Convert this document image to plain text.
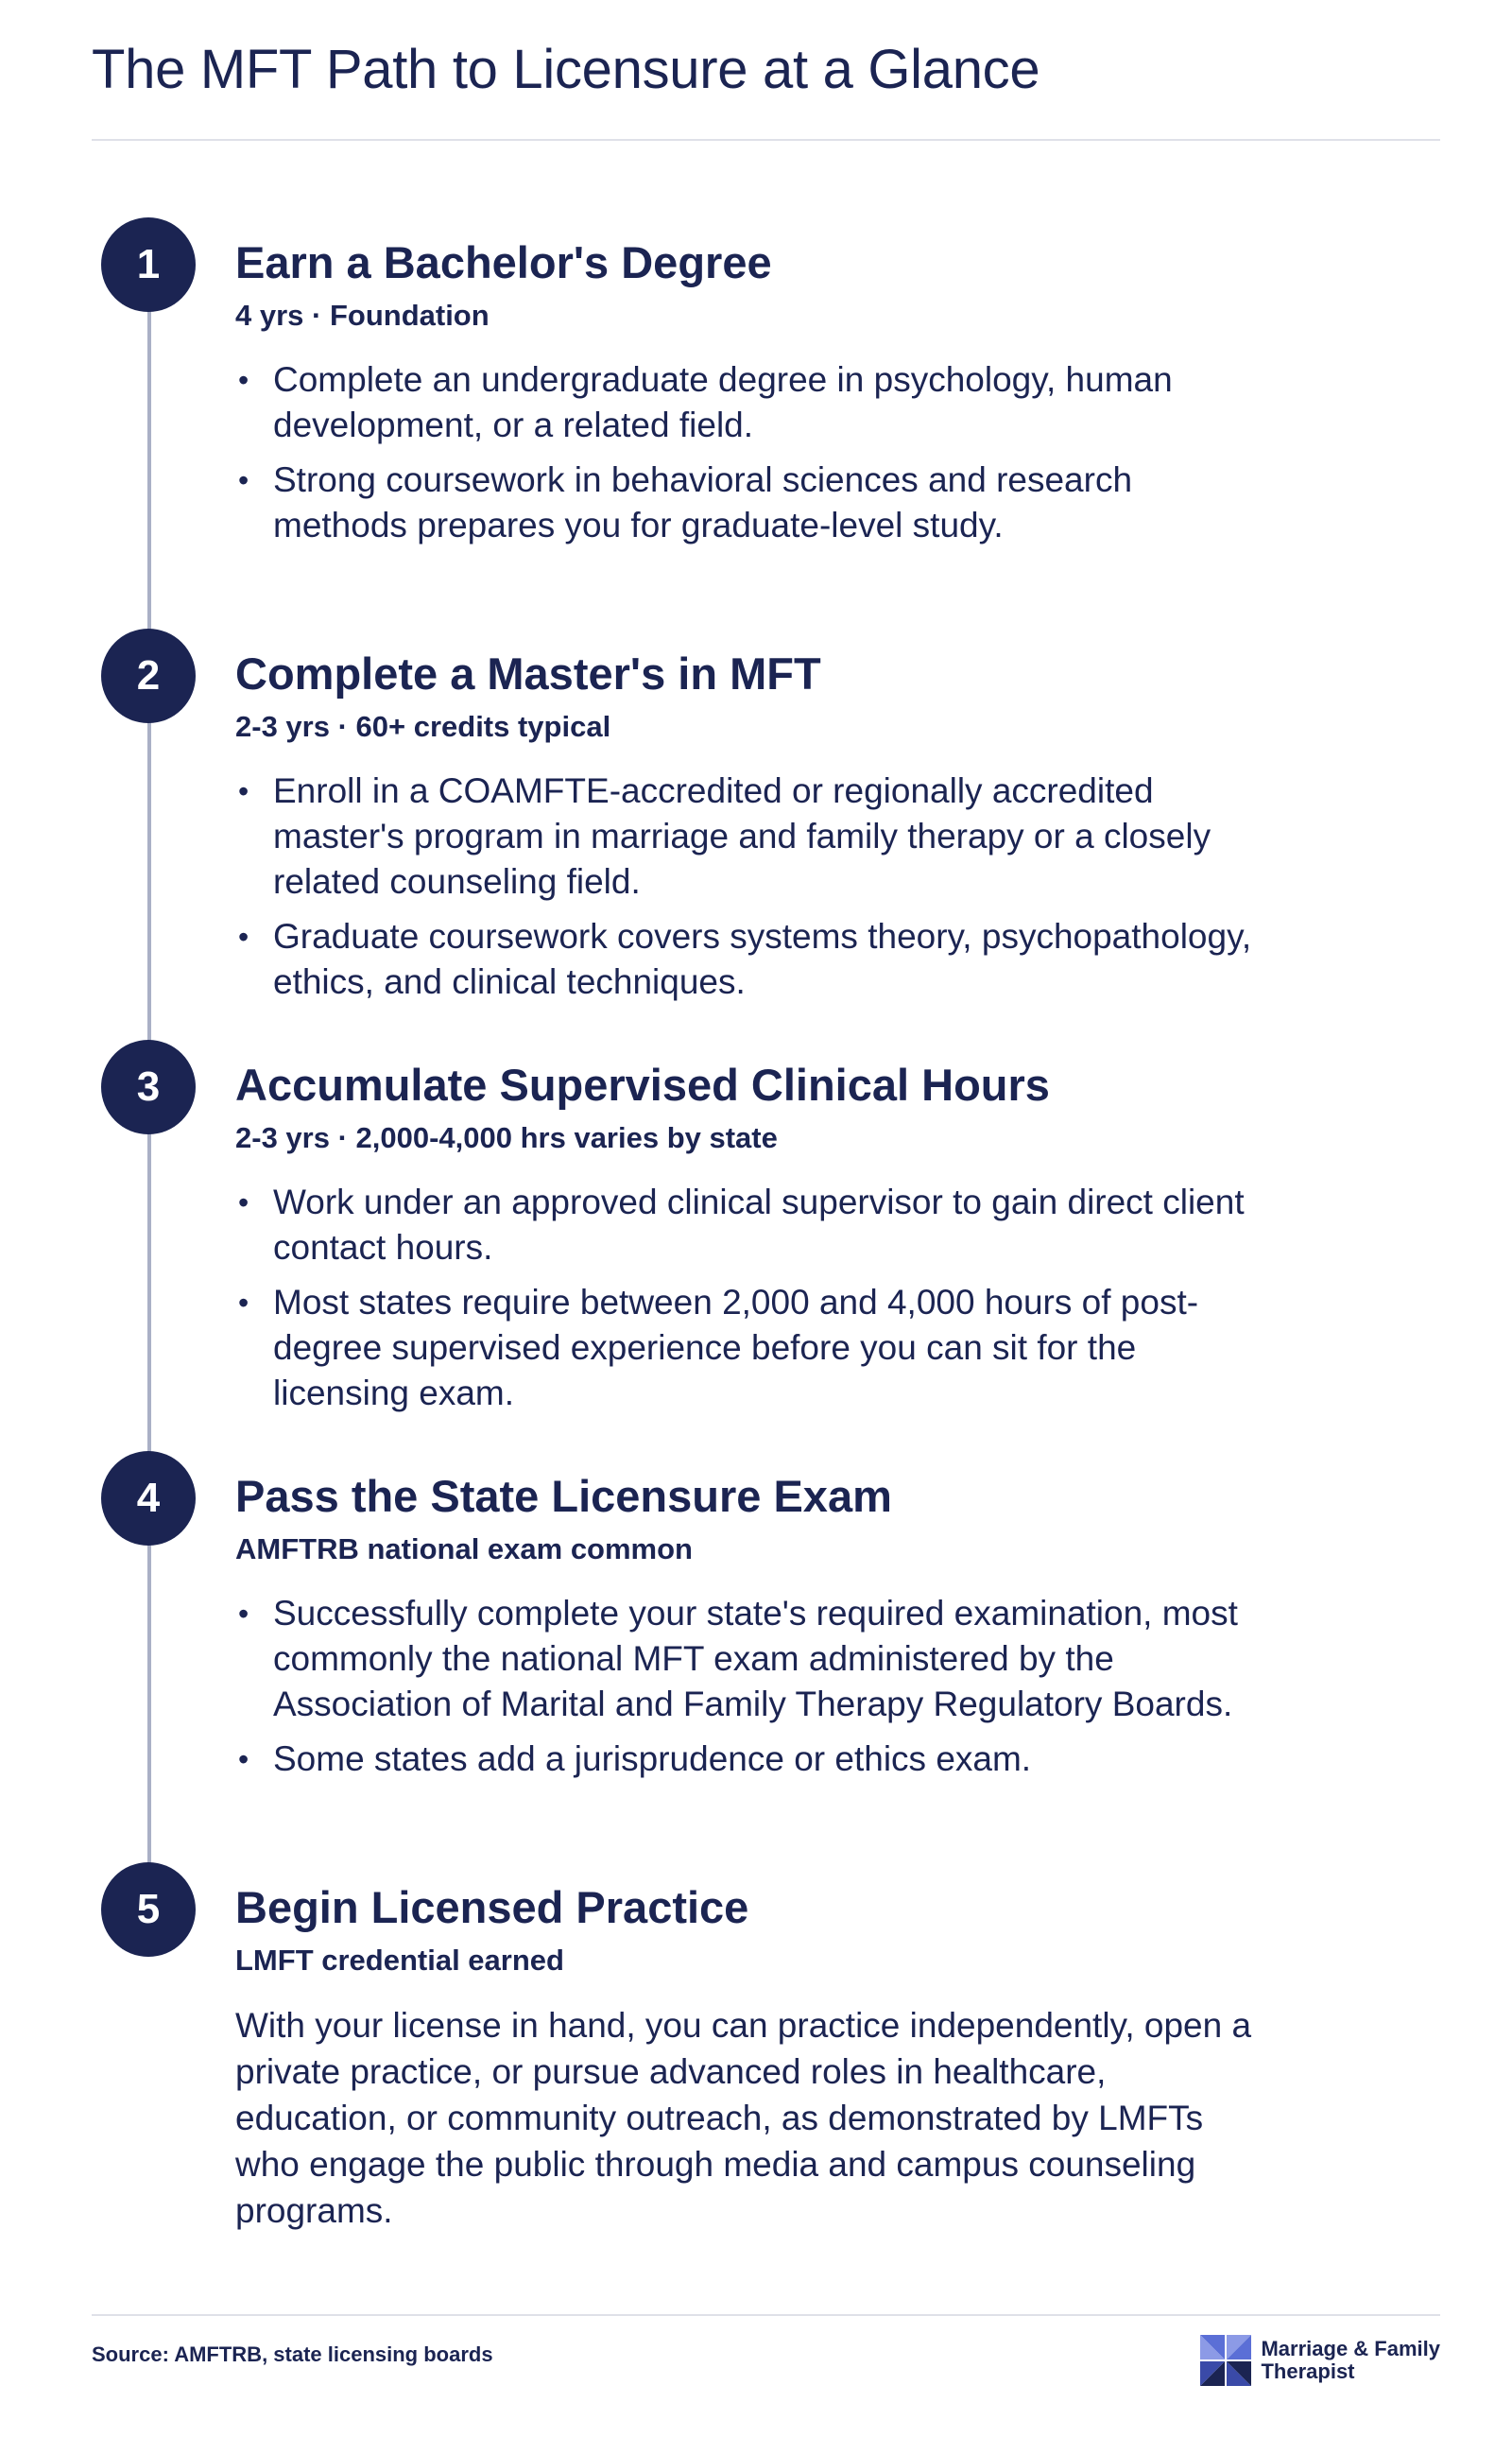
The MFT Path to Licensure at a Glance
1	Earn a Bachelor's Degree
4 yrs · Foundation
• Complete an undergraduate degree in psychology, human development, or a related field.
• Strong coursework in behavioral sciences and research methods prepares you for graduate-level study.
2	Complete a Master's in MFT
2-3 yrs · 60+ credits typical
• Enroll in a COAMFTE-accredited or regionally accredited master's program in marriage and family therapy or a closely related counseling field.
• Graduate coursework covers systems theory, psychopathology, ethics, and clinical techniques.
3	Accumulate Supervised Clinical Hours
2-3 yrs · 2,000-4,000 hrs varies by state
• Work under an approved clinical supervisor to gain direct client contact hours.
• Most states require between 2,000 and 4,000 hours of post-degree supervised experience before you can sit for the licensing exam.
4	Pass the State Licensure Exam
AMFTRB national exam common
• Successfully complete your state's required examination, most commonly the national MFT exam administered by the Association of Marital and Family Therapy Regulatory Boards.
• Some states add a jurisprudence or ethics exam.
5	Begin Licensed Practice
LMFT credential earned
With your license in hand, you can practice independently, open a private practice, or pursue advanced roles in healthcare, education, or community outreach, as demonstrated by LMFTs who engage the public through media and campus counseling programs.
Source: AMFTRB, state licensing boards	Marriage & Family
Therapist
